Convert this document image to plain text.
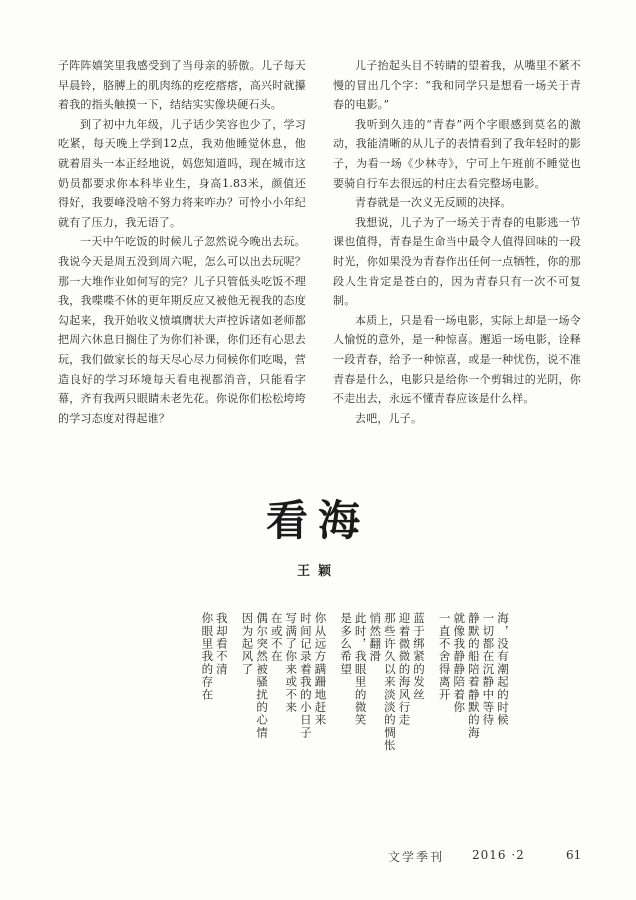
子阵阵嬉笑里我感受到了当母亲的骄傲。儿子每天早晨铃，胳膊上的肌肉练的疙疙瘩瘩，高兴时就攥着我的指头触摸一下，结结实实像块硬石头。

到了初中九年级，儿子话少笑容也少了，学习吃紧，每天晚上学到12点，我劝他睡觉休息，他就着眉头一本正经地说，妈您知道吗，现在城市这奶员都要求你本科毕业生，身高1.83米，颜值还得好，我要峰没啥不努力将来咋办？可怜小小年纪就有了压力，我无语了。

一天中午吃饭的时候儿子忽然说今晚出去玩。我说今天是周五没到周六呢，怎么可以出去玩呢？那一大堆作业如何写的完？儿子只管低头吃饭不理我，我喋喋不休的更年期反应又被他无视我的态度勾起来，我开始收义愤填膺状大声控诉诸如老师都把周六休息日搁住了为你们补课，你们还有心思去玩，我们做家长的每天尽心尽力伺候你们吃喝，营造良好的学习环境每天看电视都消音，只能看字幕，齐有我两只眼睛未老先花。你说你们松松垮垮的学习态度对得起谁？

儿子抬起头目不转睛的望着我，从嘴里不紧不慢的冒出几个字：“我和同学只是想看一场关于青春的电影。”

我听到久违的“青春”两个字眼感到莫名的激动，我能清晰的从儿子的表情看到了我年轻时的影子，为看一场《少林寺》，宁可上午班前不睡觉也要骑自行车去很远的村庄去看完整场电影。

青春就是一次义无反顾的决择。

我想说，儿子为了一场关于青春的电影逃一节课也值得，青春是生命当中最令人值得回味的一段时光，你如果没为青春作出任何一点牺牲，你的那段人生肯定是苍白的，因为青春只有一次不可复制。

本质上，只是看一场电影，实际上却是一场令人愉悦的意外，是一种惊喜。邂逅一场电影，诠释一段青春，给予一种惊喜，或是一种忧伤，说不准青春是什么，电影只是给你一个剪辑过的光阴，你不走出去，永远不懂青春应该是什么样。

去吧，儿子。

看海
王颖
海，没有潮起的时候
一切都在沉静中等待
静默的船陪着静默的海
就像我静静陪着你
一直不舍得离开
蓝于绑紧的发丝
迎着微微的海风行走
那些许久以来淡淡的惆怅
悄然翻滑
此时，我眼里的微笑
是多么希望
你从远方蹒跚地赶来
时间记录着我的小日子
写满了你来或不来
在或不在
偶尔突然被骚扰的心情
因为起风了
我却看不清
你眼里我的存在
文学季刊 2016 ·2	61
